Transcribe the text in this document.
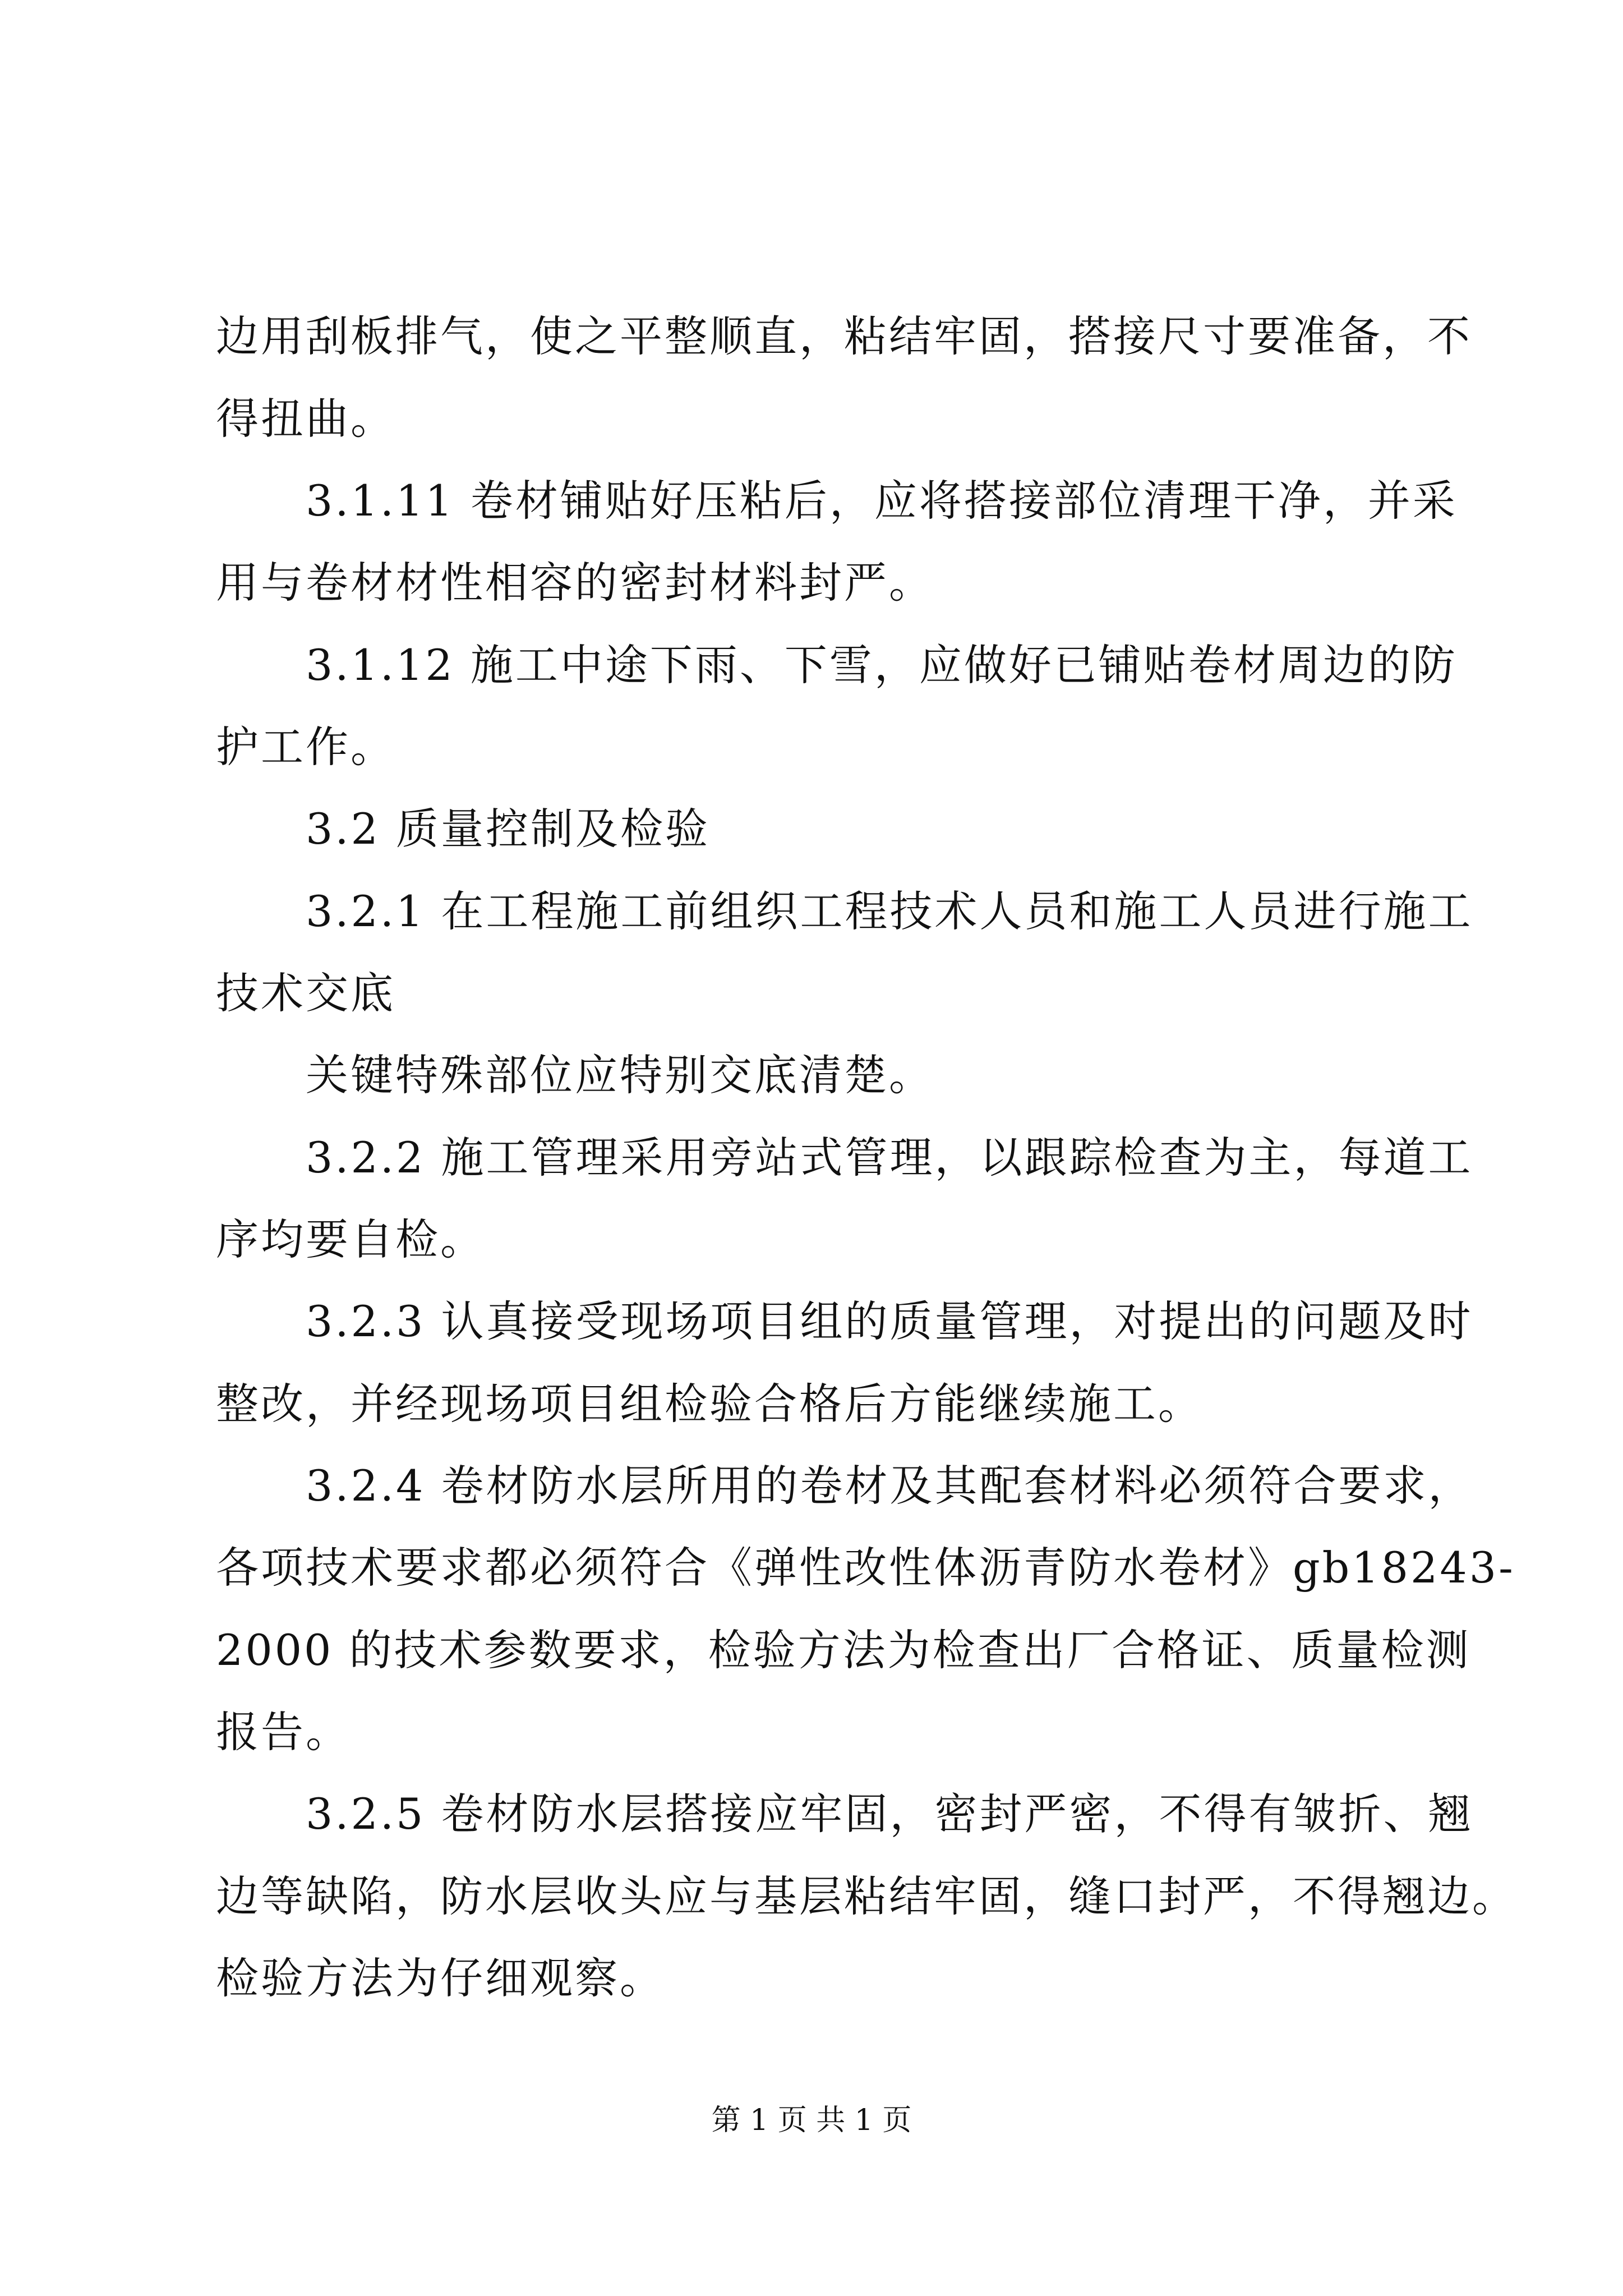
边用刮板排气，使之平整顺直，粘结牢固，搭接尺寸要准备，不
得扭曲。
3.1.11 卷材铺贴好压粘后，应将搭接部位清理干净，并采
用与卷材材性相容的密封材料封严。
3.1.12 施工中途下雨、下雪，应做好已铺贴卷材周边的防
护工作。
3.2 质量控制及检验
3.2.1 在工程施工前组织工程技术人员和施工人员进行施工
技术交底
关键特殊部位应特别交底清楚。
3.2.2 施工管理采用旁站式管理，以跟踪检查为主，每道工
序均要自检。
3.2.3 认真接受现场项目组的质量管理，对提出的问题及时
整改，并经现场项目组检验合格后方能继续施工。
3.2.4 卷材防水层所用的卷材及其配套材料必须符合要求，
各项技术要求都必须符合《弹性改性体沥青防水卷材》gb18243-
2000 的技术参数要求，检验方法为检查出厂合格证、质量检测
报告。
3.2.5 卷材防水层搭接应牢固，密封严密，不得有皱折、翘
边等缺陷，防水层收头应与基层粘结牢固，缝口封严，不得翘边。
检验方法为仔细观察。
第 1 页 共 1 页
